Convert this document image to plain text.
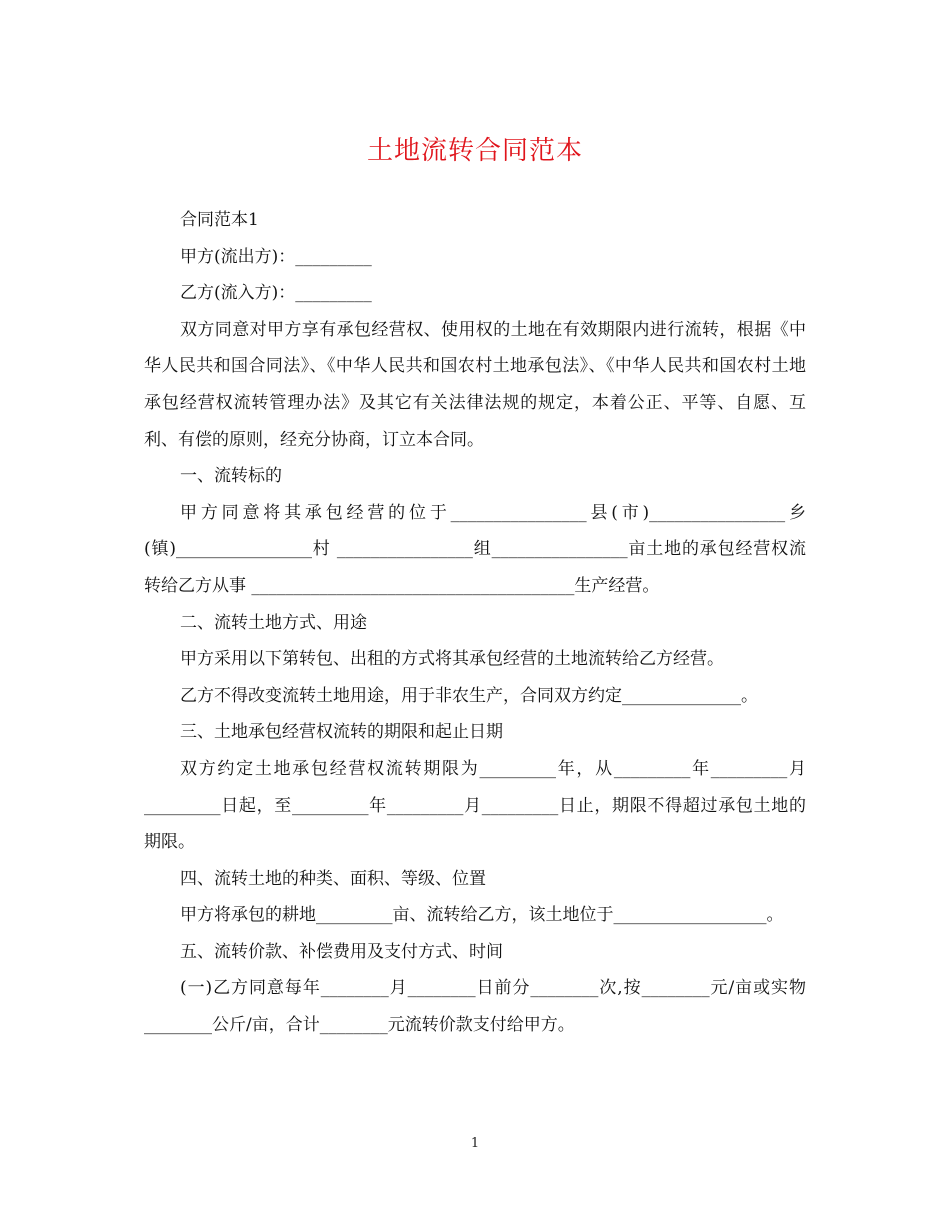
土地流转合同范本

合同范本1

甲方(流出方)：_________

乙方(流入方)：_________

双方同意对甲方享有承包经营权、使用权的土地在有效期限内进行流转，根据《中华人民共和国合同法》、《中华人民共和国农村土地承包法》、《中华人民共和国农村土地承包经营权流转管理办法》及其它有关法律法规的规定，本着公正、平等、自愿、互利、有偿的原则，经充分协商，订立本合同。

一、流转标的

甲方同意将其承包经营的位于________________县(市)________________乡(镇)________________村 ________________组________________亩土地的承包经营权流转给乙方从事 ______________________________________生产经营。

二、流转土地方式、用途

甲方采用以下第转包、出租的方式将其承包经营的土地流转给乙方经营。

乙方不得改变流转土地用途，用于非农生产，合同双方约定______________。

三、土地承包经营权流转的期限和起止日期

双方约定土地承包经营权流转期限为_________年，从_________年_________月_________日起，至_________年_________月_________日止，期限不得超过承包土地的期限。

四、流转土地的种类、面积、等级、位置

甲方将承包的耕地_________亩、流转给乙方，该土地位于__________________。

五、流转价款、补偿费用及支付方式、时间

(一)乙方同意每年________月________日前分________次,按________元/亩或实物________公斤/亩，合计________元流转价款支付给甲方。

1
